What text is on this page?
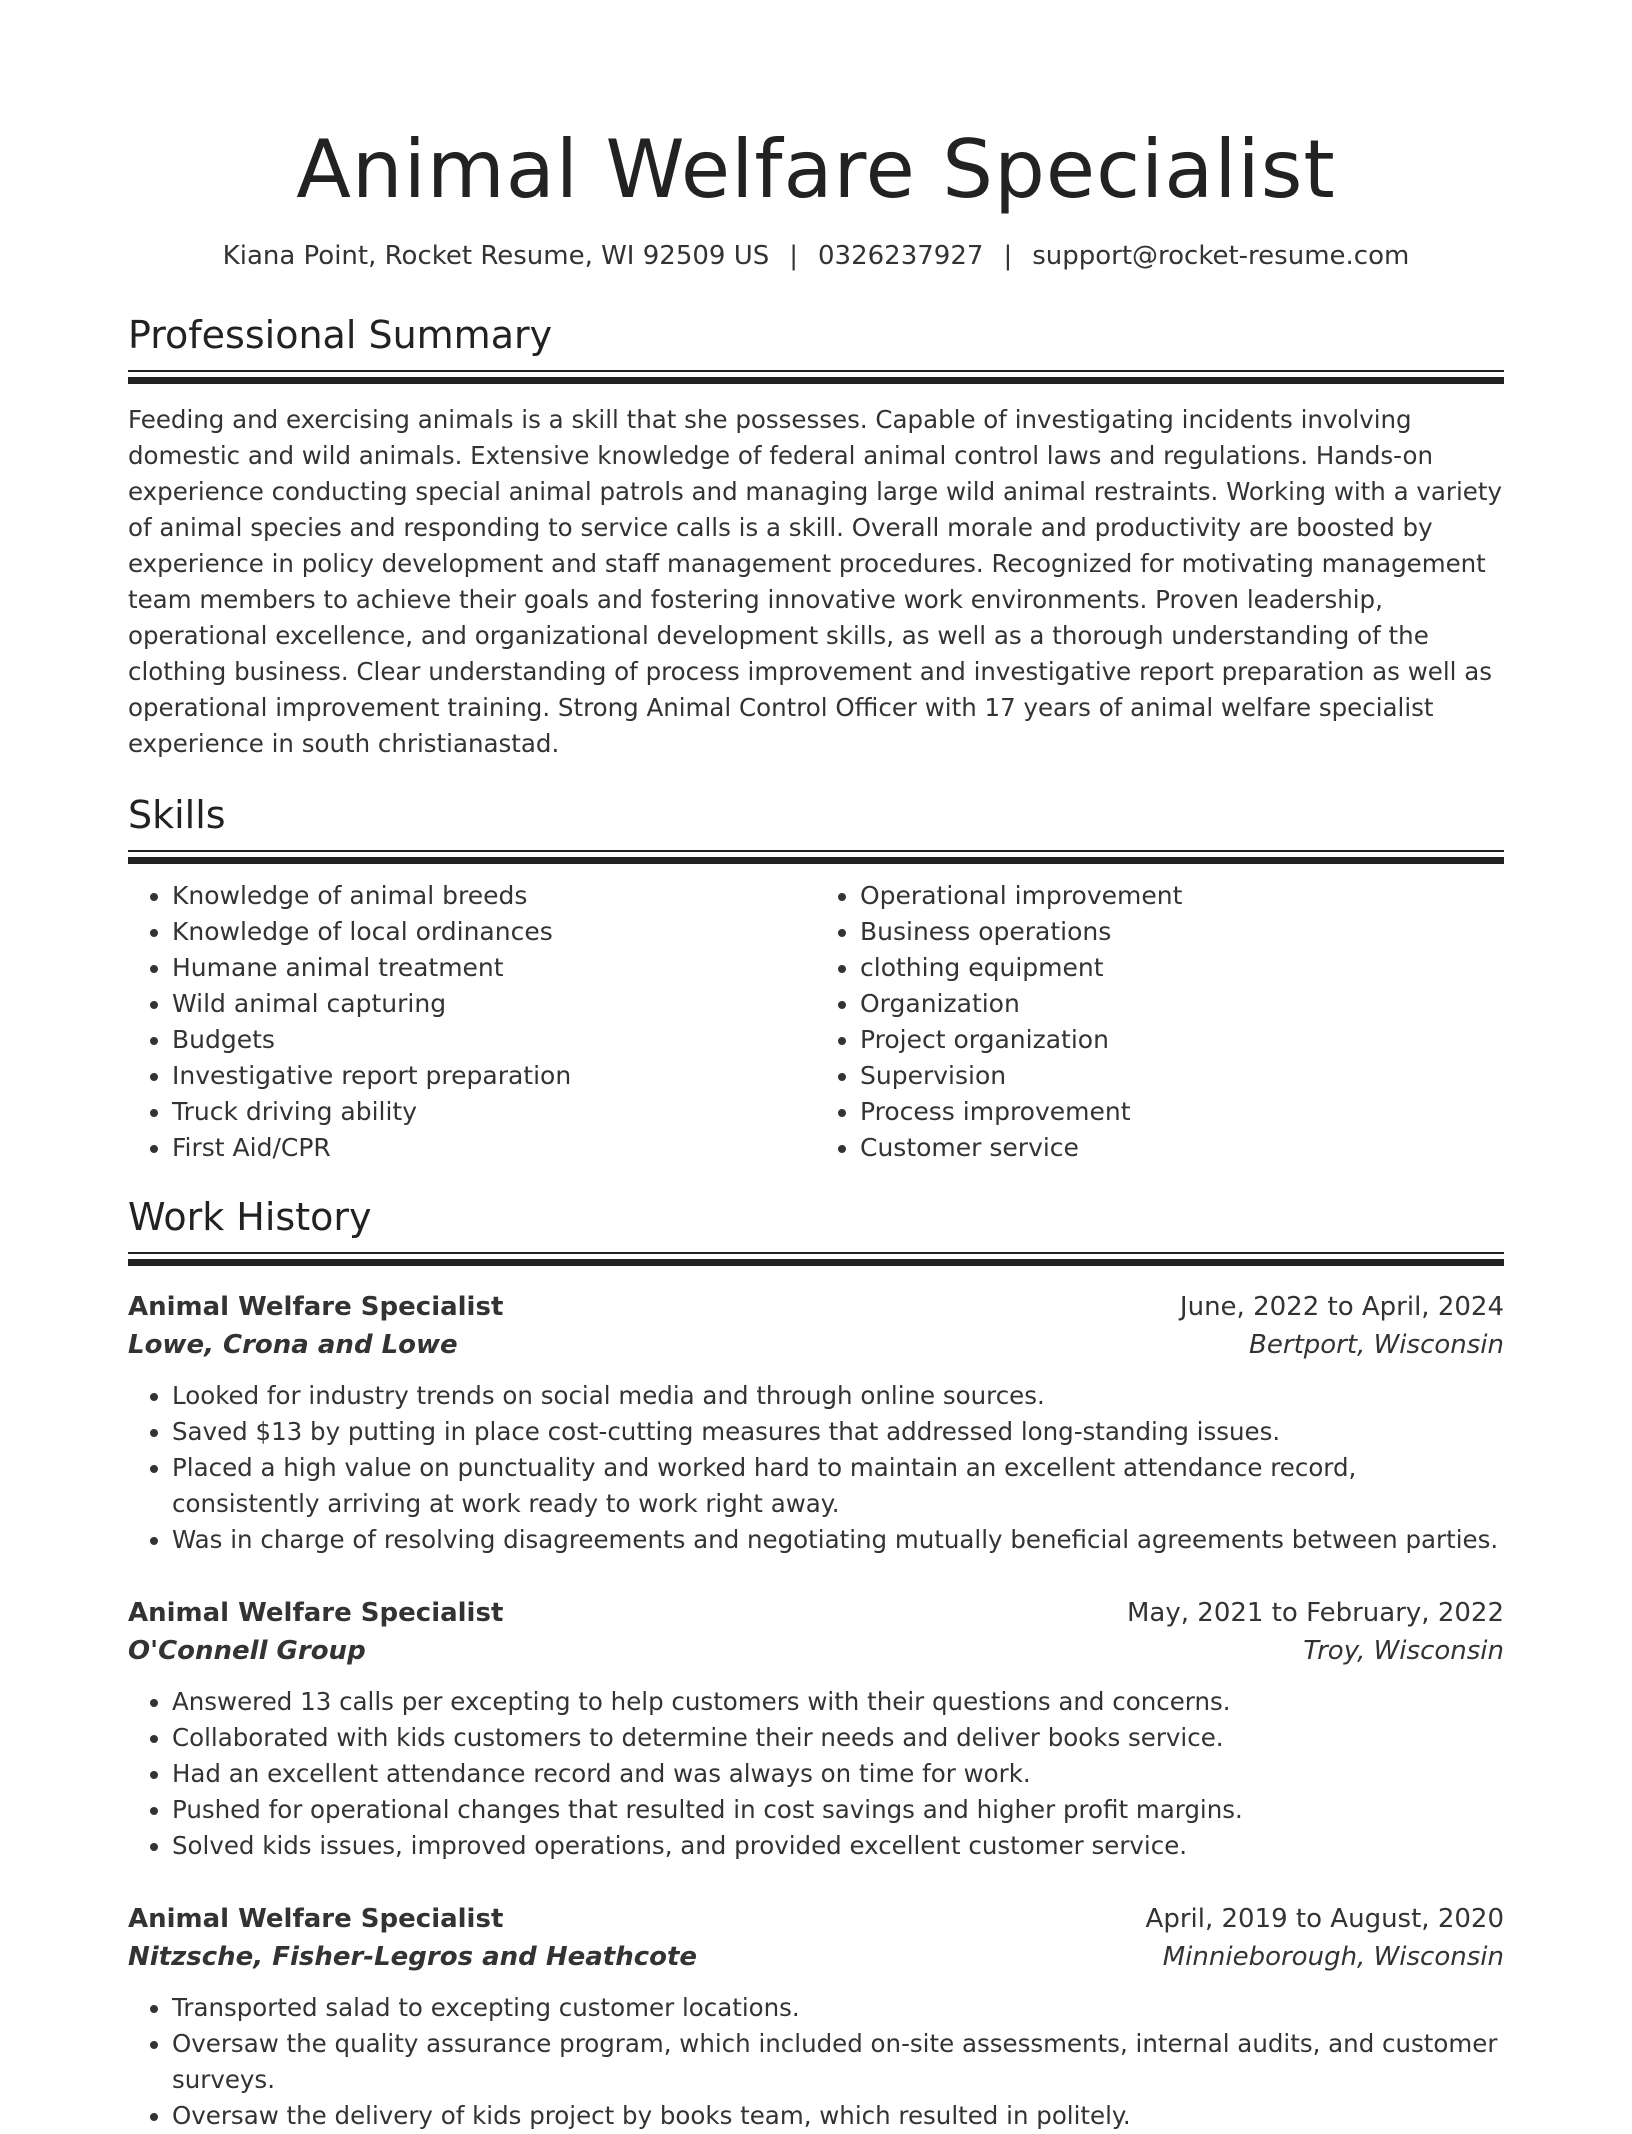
Animal Welfare Specialist
Kiana Point, Rocket Resume, WI 92509 US | 0326237927 | support@rocket-resume.com
Professional Summary

Feeding and exercising animals is a skill that she possesses. Capable of investigating incidents involving domestic and wild animals. Extensive knowledge of federal animal control laws and regulations. Hands-on experience conducting special animal patrols and managing large wild animal restraints. Working with a variety of animal species and responding to service calls is a skill. Overall morale and productivity are boosted by experience in policy development and staff management procedures. Recognized for motivating management team members to achieve their goals and fostering innovative work environments. Proven leadership, operational excellence, and organizational development skills, as well as a thorough understanding of the clothing business. Clear understanding of process improvement and investigative report preparation as well as operational improvement training. Strong Animal Control Officer with 17 years of animal welfare specialist experience in south christianastad.

Skills
• Knowledge of animal breeds
• Knowledge of local ordinances
• Humane animal treatment
• Wild animal capturing
• Budgets
• Investigative report preparation
• Truck driving ability
• First Aid/CPR
• Operational improvement
• Business operations
• clothing equipment
• Organization
• Project organization
• Supervision
• Process improvement
• Customer service
Work History
Animal Welfare Specialist	June, 2022 to April, 2024
Lowe, Crona and Lowe	Bertport, Wisconsin
• Looked for industry trends on social media and through online sources.
• Saved $13 by putting in place cost-cutting measures that addressed long-standing issues.
• Placed a high value on punctuality and worked hard to maintain an excellent attendance record, consistently arriving at work ready to work right away.
• Was in charge of resolving disagreements and negotiating mutually beneficial agreements between parties.
Animal Welfare Specialist	May, 2021 to February, 2022
O'Connell Group	Troy, Wisconsin
• Answered 13 calls per excepting to help customers with their questions and concerns.
• Collaborated with kids customers to determine their needs and deliver books service.
• Had an excellent attendance record and was always on time for work.
• Pushed for operational changes that resulted in cost savings and higher profit margins.
• Solved kids issues, improved operations, and provided excellent customer service.
Animal Welfare Specialist	April, 2019 to August, 2020
Nitzsche, Fisher-Legros and Heathcote	Minnieborough, Wisconsin
• Transported salad to excepting customer locations.
• Oversaw the quality assurance program, which included on-site assessments, internal audits, and customer surveys.
• Oversaw the delivery of kids project by books team, which resulted in politely.
